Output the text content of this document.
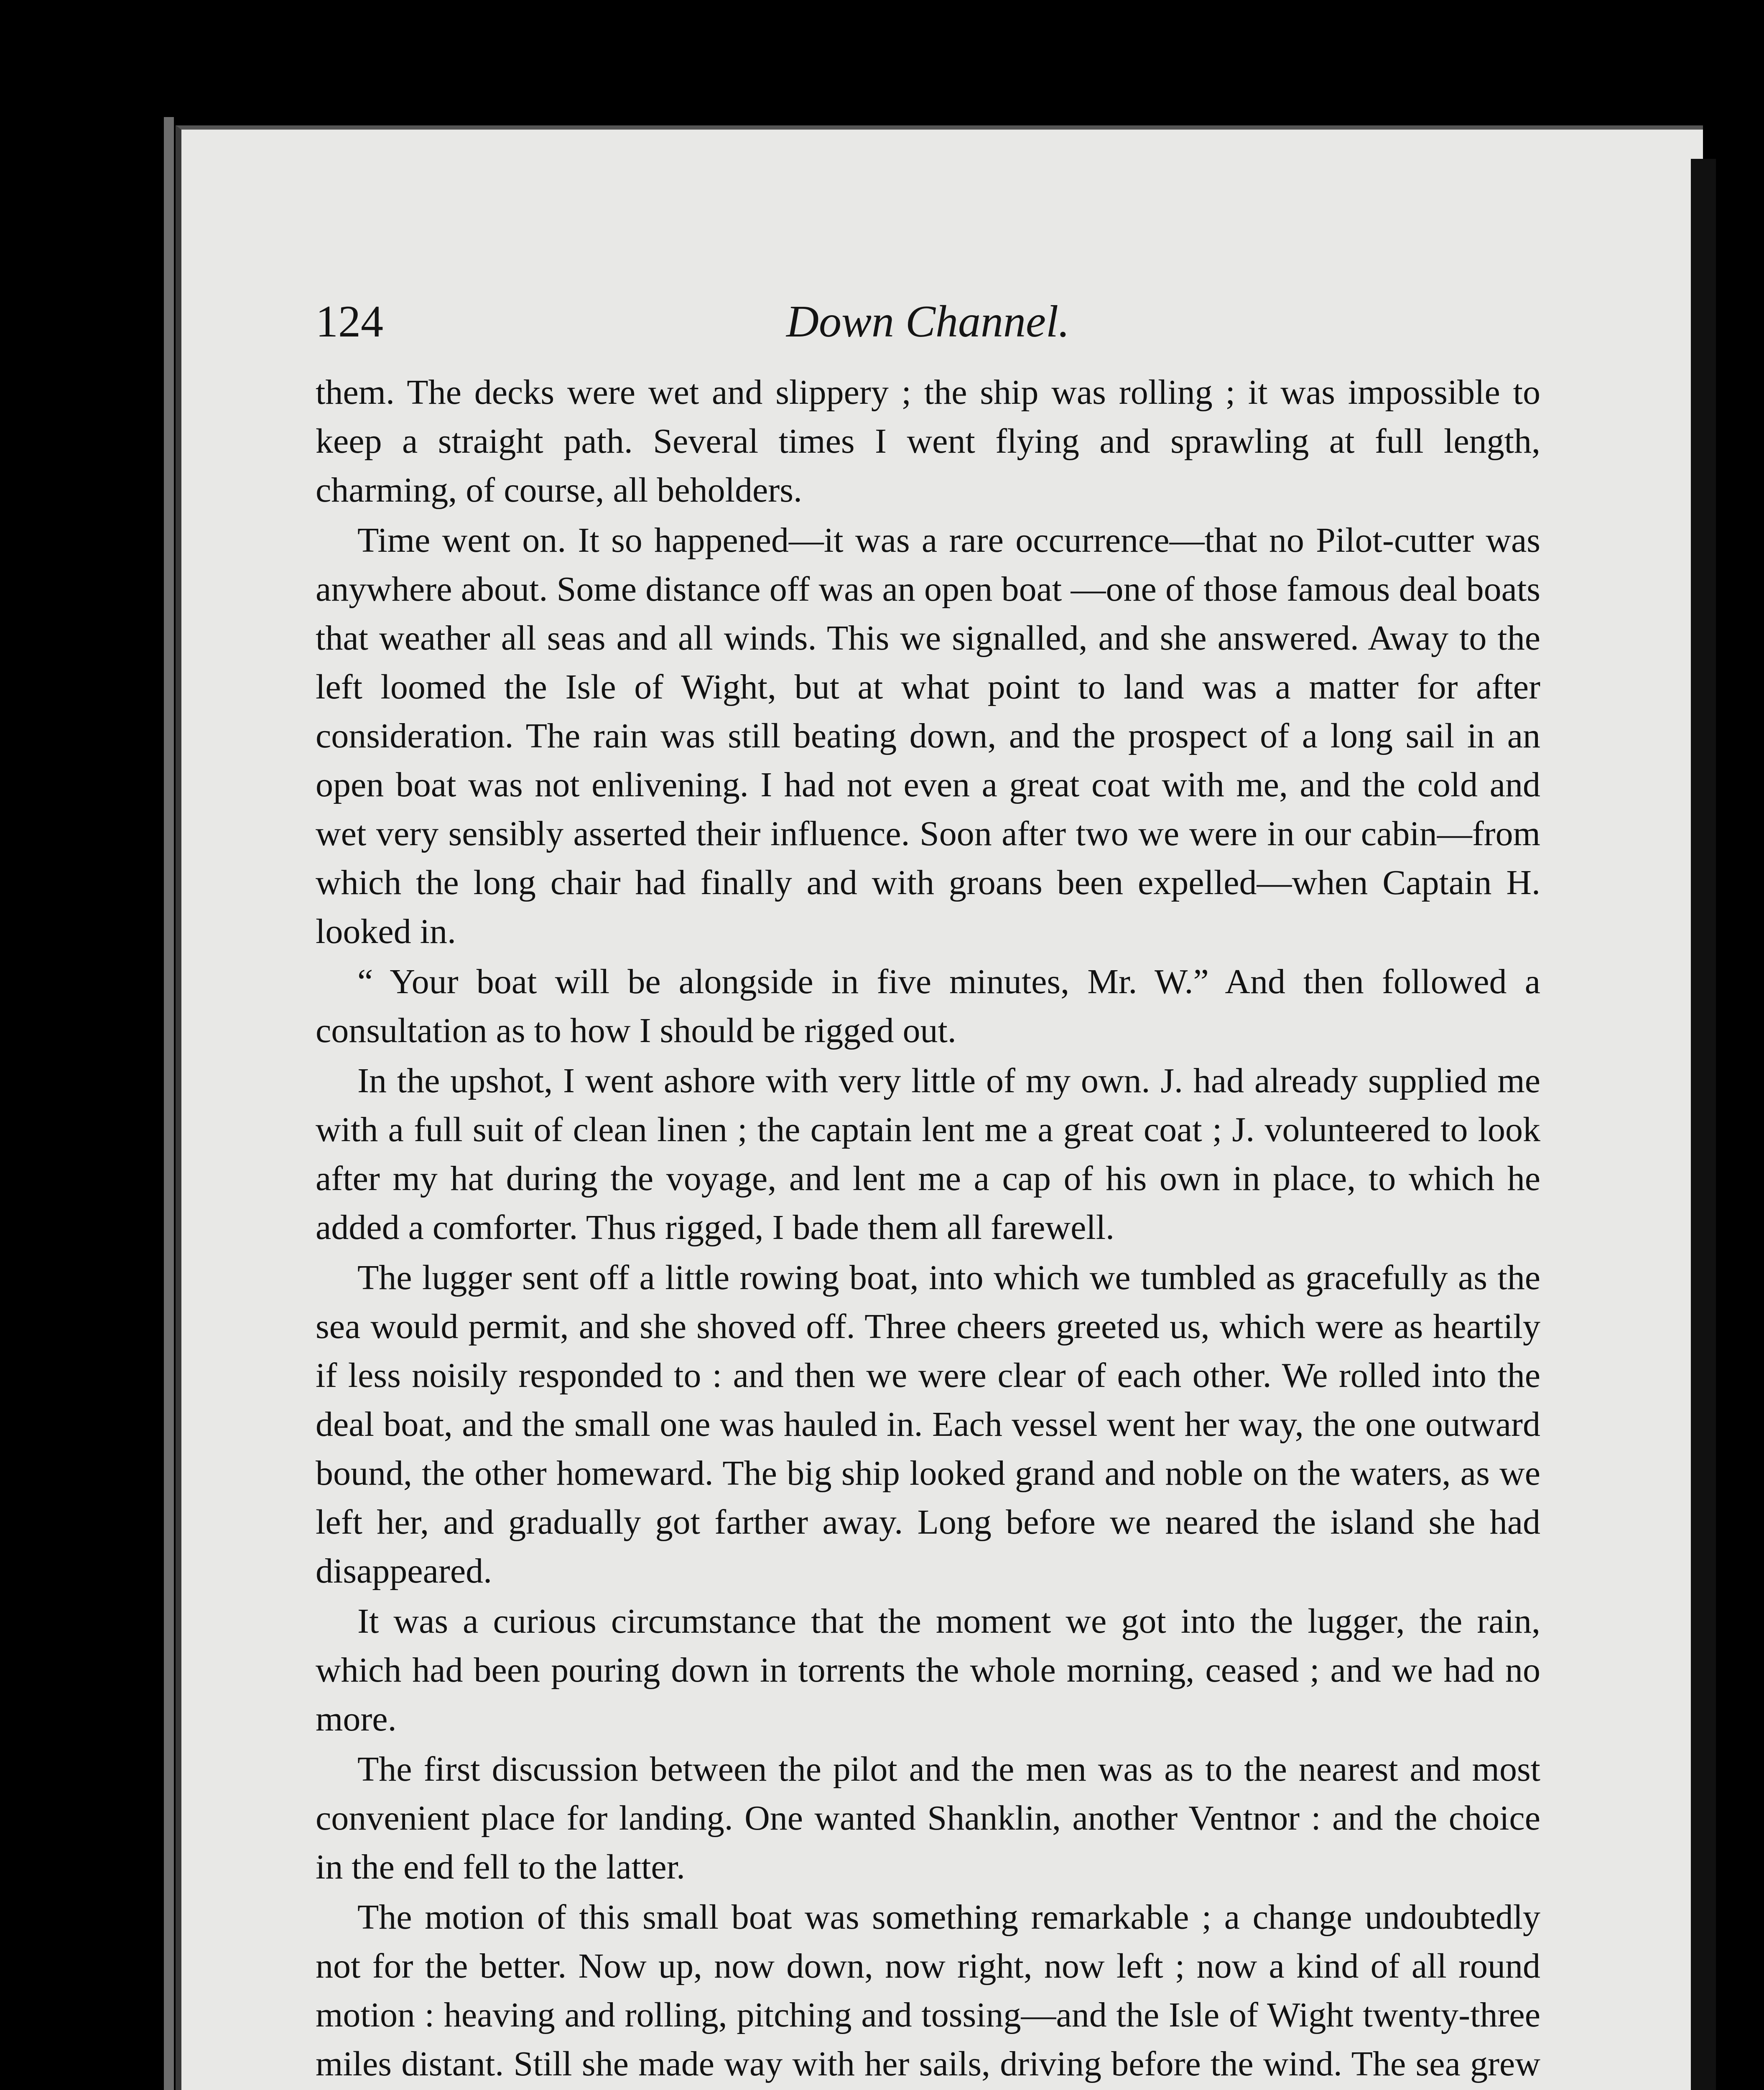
124	Down Channel.

them. The decks were wet and slippery ; the ship was rolling ; it was impossible to keep a straight path. Several times I went flying and sprawling at full length, charming, of course, all beholders.

Time went on. It so happened—it was a rare occurrence—that no Pilot-cutter was anywhere about. Some distance off was an open boat —one of those famous deal boats that weather all seas and all winds. This we signalled, and she answered. Away to the left loomed the Isle of Wight, but at what point to land was a matter for after consideration. The rain was still beating down, and the prospect of a long sail in an open boat was not enlivening. I had not even a great coat with me, and the cold and wet very sensibly asserted their influence. Soon after two we were in our cabin—from which the long chair had finally and with groans been expelled—when Captain H. looked in.

“ Your boat will be alongside in five minutes, Mr. W.” And then followed a consultation as to how I should be rigged out.

In the upshot, I went ashore with very little of my own. J. had already supplied me with a full suit of clean linen ; the captain lent me a great coat ; J. volunteered to look after my hat during the voyage, and lent me a cap of his own in place, to which he added a comforter. Thus rigged, I bade them all farewell.

The lugger sent off a little rowing boat, into which we tumbled as gracefully as the sea would permit, and she shoved off. Three cheers greeted us, which were as heartily if less noisily responded to : and then we were clear of each other. We rolled into the deal boat, and the small one was hauled in. Each vessel went her way, the one outward bound, the other homeward. The big ship looked grand and noble on the waters, as we left her, and gradually got farther away. Long before we neared the island she had disappeared.

It was a curious circumstance that the moment we got into the lugger, the rain, which had been pouring down in torrents the whole morning, ceased ; and we had no more.

The first discussion between the pilot and the men was as to the nearest and most convenient place for landing. One wanted Shanklin, another Ventnor : and the choice in the end fell to the latter.

The motion of this small boat was something remarkable ; a change undoubtedly not for the better. Now up, now down, now right, now left ; now a kind of all round motion : heaving and rolling, pitching and tossing—and the Isle of Wight twenty-three miles distant. Still she made way with her sails, driving before the wind. The sea grew
